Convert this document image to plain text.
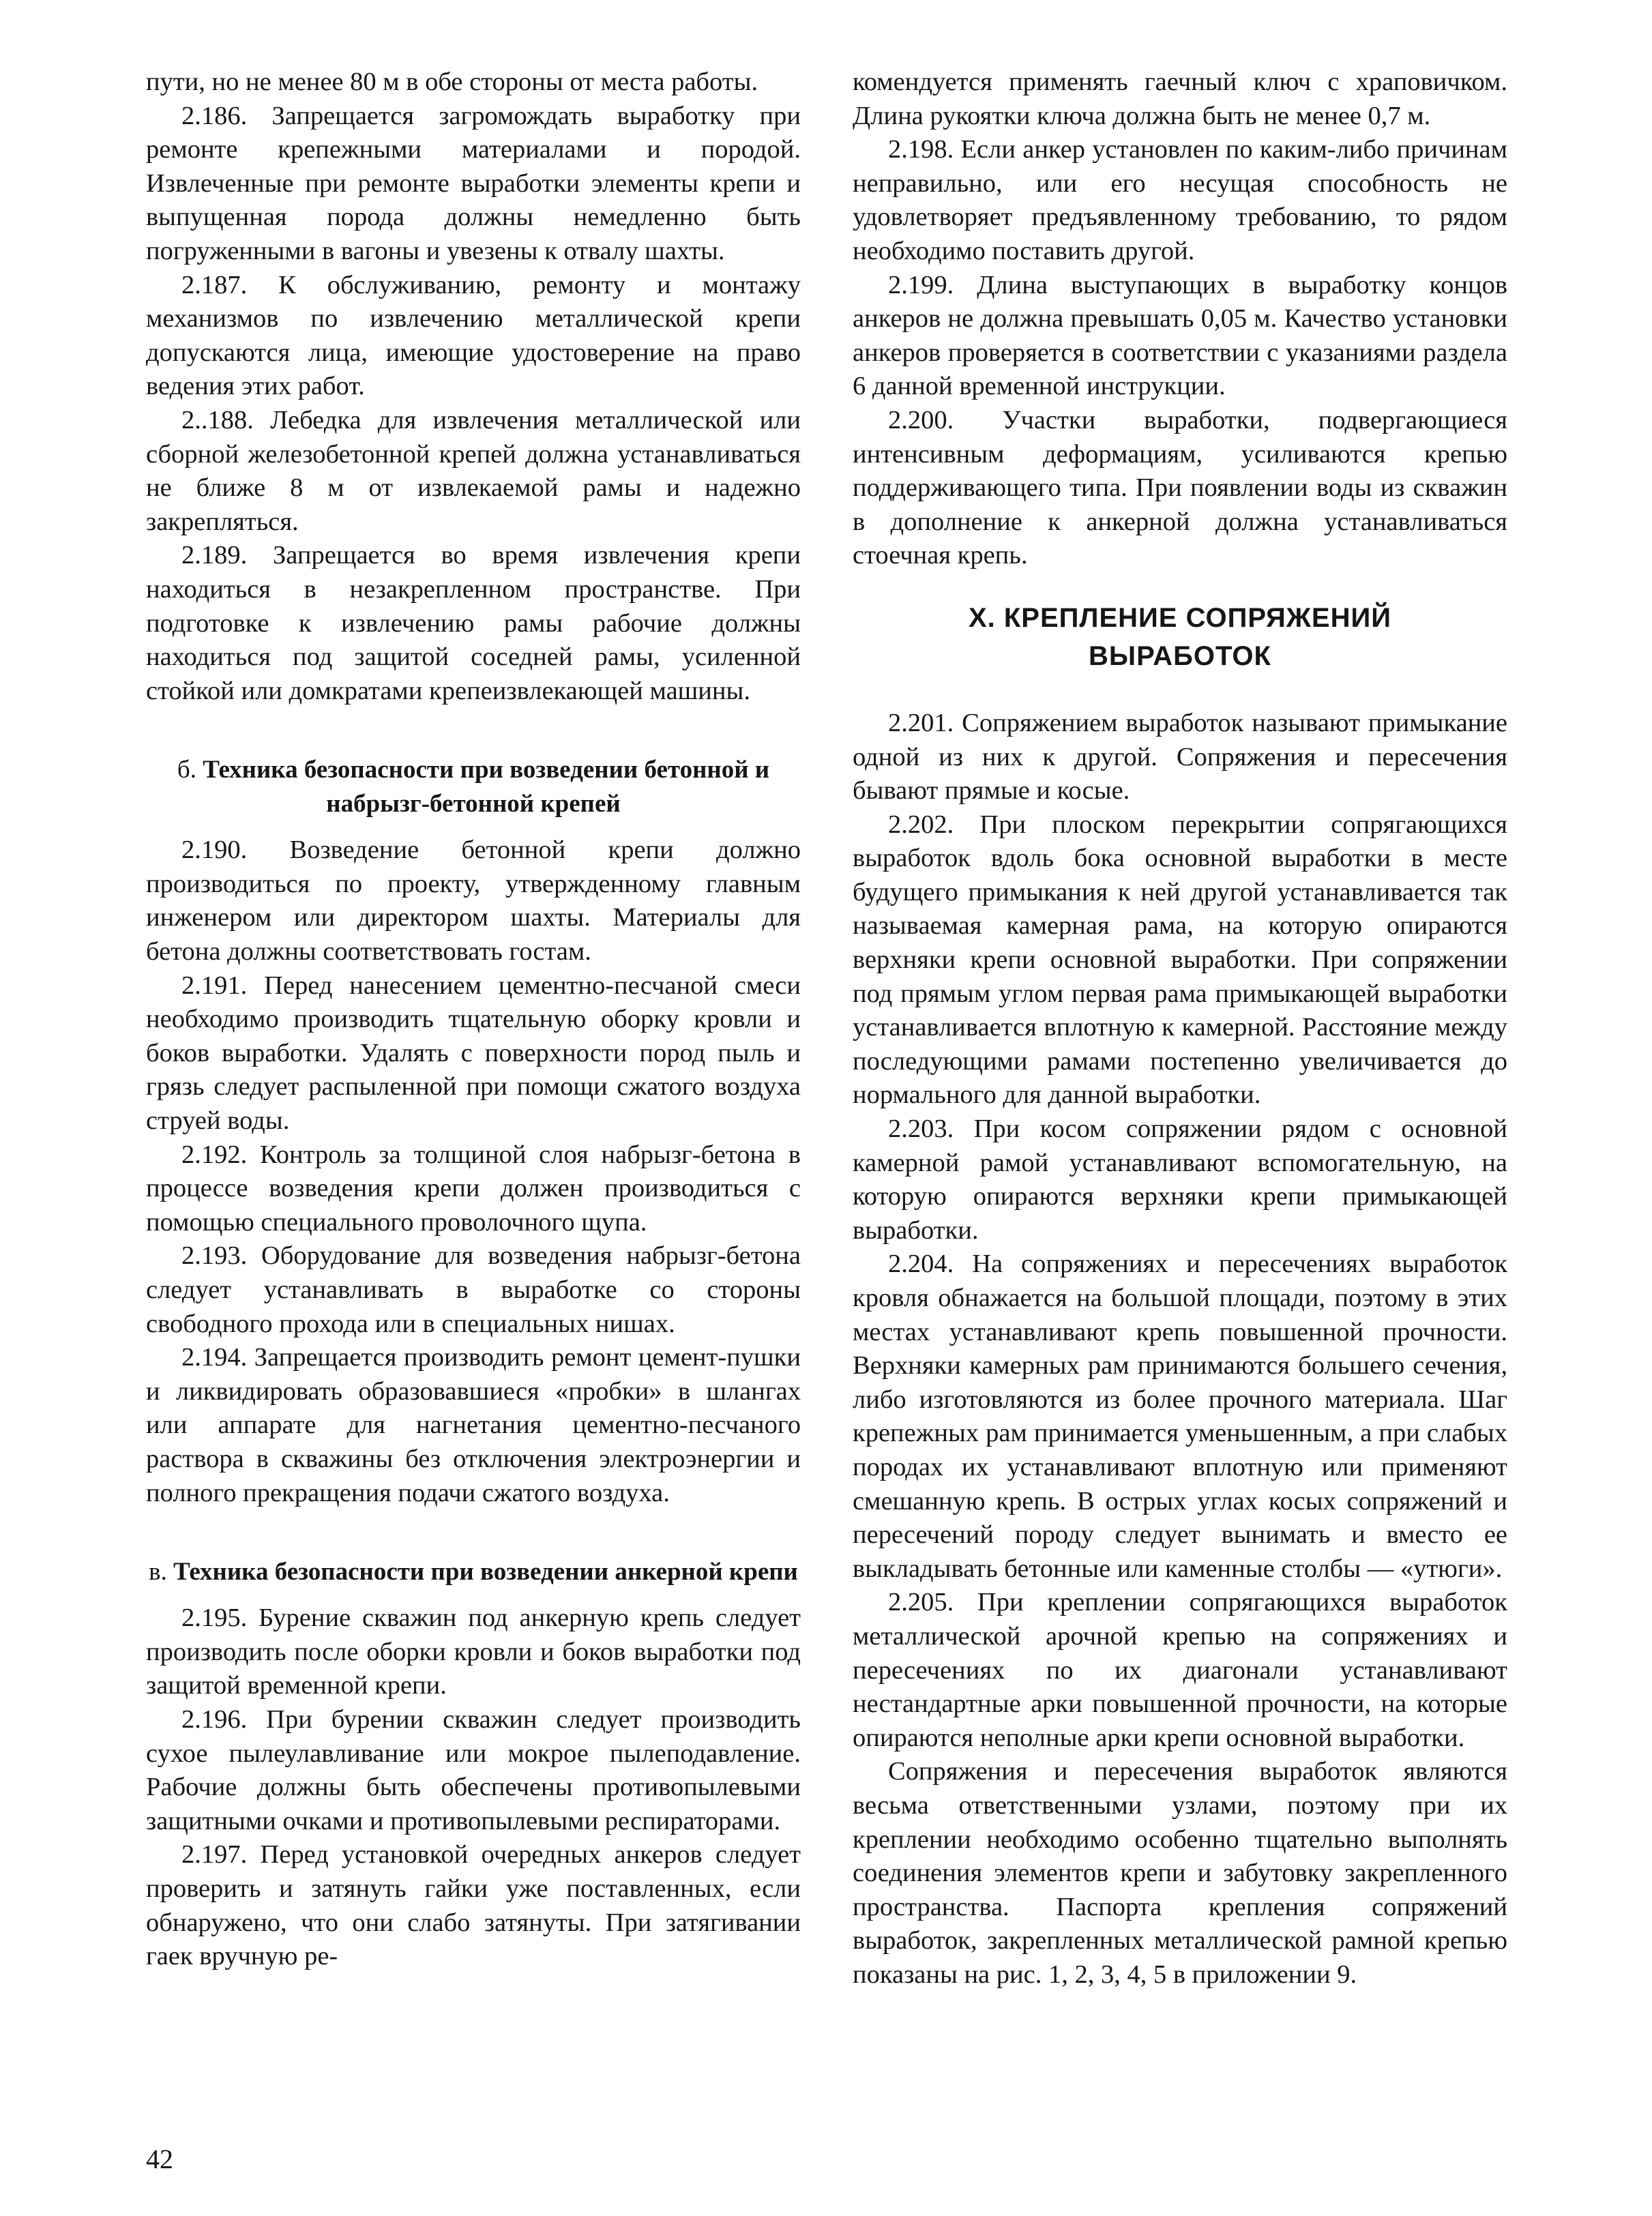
пути, но не менее 80 м в обе стороны от места работы.

2.186. Запрещается загромождать выработку при ремонте крепежными материалами и породой. Извлеченные при ремонте выработки элементы крепи и выпущенная порода должны немедленно быть погруженными в вагоны и увезены к отвалу шахты.

2.187. К обслуживанию, ремонту и монтажу механизмов по извлечению металлической крепи допускаются лица, имеющие удостоверение на право ведения этих работ.

2..188. Лебедка для извлечения металлической или сборной железобетонной крепей должна устанавливаться не ближе 8 м от извлекаемой рамы и надежно закрепляться.

2.189. Запрещается во время извлечения крепи находиться в незакрепленном пространстве. При подготовке к извлечению рамы рабочие должны находиться под защитой соседней рамы, усиленной стойкой или домкратами крепеизвлекающей машины.

б. Техника безопасности при возведении бетонной и набрызг-бетонной крепей

2.190. Возведение бетонной крепи должно производиться по проекту, утвержденному главным инженером или директором шахты. Материалы для бетона должны соответствовать гостам.

2.191. Перед нанесением цементно-песчаной смеси необходимо производить тщательную оборку кровли и боков выработки. Удалять с поверхности пород пыль и грязь следует распыленной при помощи сжатого воздуха струей воды.

2.192. Контроль за толщиной слоя набрызг-бетона в процессе возведения крепи должен производиться с помощью специального проволочного щупа.

2.193. Оборудование для возведения набрызг-бетона следует устанавливать в выработке со стороны свободного прохода или в специальных нишах.

2.194. Запрещается производить ремонт цемент-пушки и ликвидировать образовавшиеся «пробки» в шлангах или аппарате для нагнетания цементно-песчаного раствора в скважины без отключения электроэнергии и полного прекращения подачи сжатого воздуха.

в. Техника безопасности при возведении анкерной крепи

2.195. Бурение скважин под анкерную крепь следует производить после оборки кровли и боков выработки под защитой временной крепи.

2.196. При бурении скважин следует производить сухое пылеулавливание или мокрое пылеподавление. Рабочие должны быть обеспечены противопылевыми защитными очками и противопылевыми респираторами.

2.197. Перед установкой очередных анкеров следует проверить и затянуть гайки уже поставленных, если обнаружено, что они слабо затянуты. При затягивании гаек вручную ре-

комендуется применять гаечный ключ с храповичком. Длина рукоятки ключа должна быть не менее 0,7 м.

2.198. Если анкер установлен по каким-либо причинам неправильно, или его несущая способность не удовлетворяет предъявленному требованию, то рядом необходимо поставить другой.

2.199. Длина выступающих в выработку концов анкеров не должна превышать 0,05 м. Качество установки анкеров проверяется в соответствии с указаниями раздела 6 данной временной инструкции.

2.200. Участки выработки, подвергающиеся интенсивным деформациям, усиливаются крепью поддерживающего типа. При появлении воды из скважин в дополнение к анкерной должна устанавливаться стоечная крепь.

X. КРЕПЛЕНИЕ СОПРЯЖЕНИЙ
ВЫРАБОТОК

2.201. Сопряжением выработок называют примыкание одной из них к другой. Сопряжения и пересечения бывают прямые и косые.

2.202. При плоском перекрытии сопрягающихся выработок вдоль бока основной выработки в месте будущего примыкания к ней другой устанавливается так называемая камерная рама, на которую опираются верхняки крепи основной выработки. При сопряжении под прямым углом первая рама примыкающей выработки устанавливается вплотную к камерной. Расстояние между последующими рамами постепенно увеличивается до нормального для данной выработки.

2.203. При косом сопряжении рядом с основной камерной рамой устанавливают вспомогательную, на которую опираются верхняки крепи примыкающей выработки.

2.204. На сопряжениях и пересечениях выработок кровля обнажается на большой площади, поэтому в этих местах устанавливают крепь повышенной прочности. Верхняки камерных рам принимаются большего сечения, либо изготовляются из более прочного материала. Шаг крепежных рам принимается уменьшенным, а при слабых породах их устанавливают вплотную или применяют смешанную крепь. В острых углах косых сопряжений и пересечений породу следует вынимать и вместо ее выкладывать бетонные или каменные столбы — «утюги».

2.205. При креплении сопрягающихся выработок металлической арочной крепью на сопряжениях и пересечениях по их диагонали устанавливают нестандартные арки повышенной прочности, на которые опираются неполные арки крепи основной выработки.

Сопряжения и пересечения выработок являются весьма ответственными узлами, поэтому при их креплении необходимо особенно тщательно выполнять соединения элементов крепи и забутовку закрепленного пространства. Паспорта крепления сопряжений выработок, закрепленных металлической рамной крепью показаны на рис. 1, 2, 3, 4, 5 в приложении 9.

42
